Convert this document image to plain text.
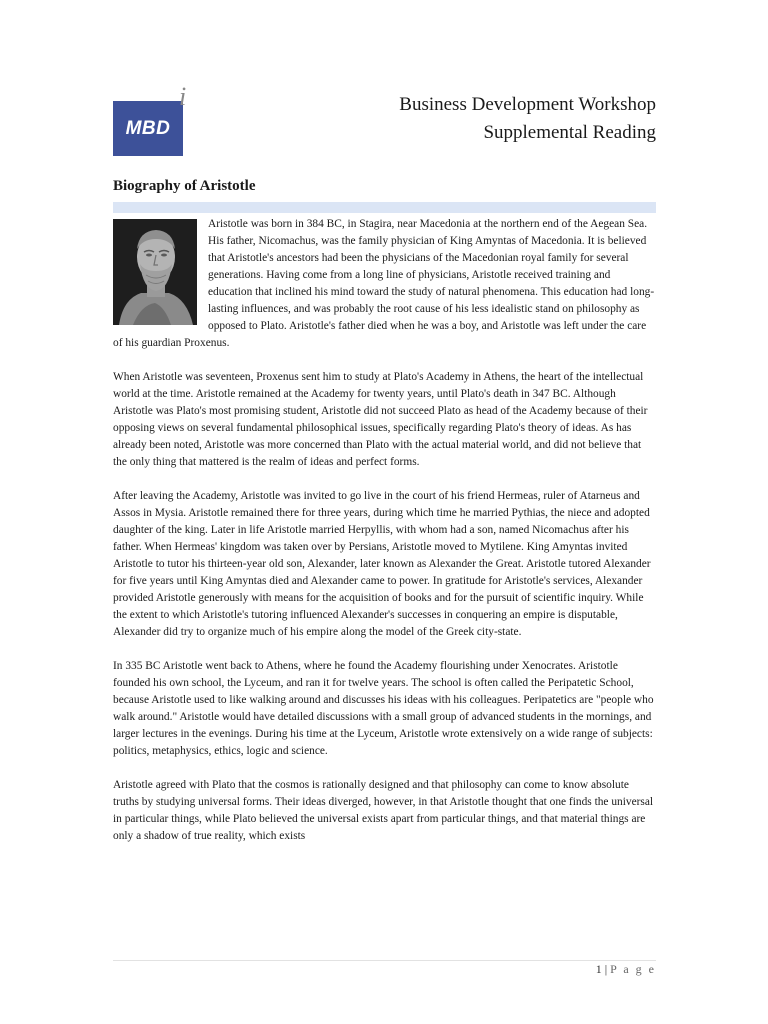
MBD
i	Business Development Workshop
Supplemental Reading
Biography of Aristotle

Aristotle was born in 384 BC, in Stagira, near Macedonia at the northern end of the Aegean Sea. His father, Nicomachus, was the family physician of King Amyntas of Macedonia. It is believed that Aristotle's ancestors had been the physicians of the Macedonian royal family for several generations. Having come from a long line of physicians, Aristotle received training and education that inclined his mind toward the study of natural phenomena. This education had long-lasting influences, and was probably the root cause of his less idealistic stand on philosophy as opposed to Plato. Aristotle's father died when he was a boy, and Aristotle was left under the care of his guardian Proxenus.

When Aristotle was seventeen, Proxenus sent him to study at Plato's Academy in Athens, the heart of the intellectual world at the time. Aristotle remained at the Academy for twenty years, until Plato's death in 347 BC. Although Aristotle was Plato's most promising student, Aristotle did not succeed Plato as head of the Academy because of their opposing views on several fundamental philosophical issues, specifically regarding Plato's theory of ideas. As has already been noted, Aristotle was more concerned than Plato with the actual material world, and did not believe that the only thing that mattered is the realm of ideas and perfect forms.

After leaving the Academy, Aristotle was invited to go live in the court of his friend Hermeas, ruler of Atarneus and Assos in Mysia. Aristotle remained there for three years, during which time he married Pythias, the niece and adopted daughter of the king. Later in life Aristotle married Herpyllis, with whom had a son, named Nicomachus after his father. When Hermeas' kingdom was taken over by Persians, Aristotle moved to Mytilene. King Amyntas invited Aristotle to tutor his thirteen-year old son, Alexander, later known as Alexander the Great. Aristotle tutored Alexander for five years until King Amyntas died and Alexander came to power. In gratitude for Aristotle's services, Alexander provided Aristotle generously with means for the acquisition of books and for the pursuit of scientific inquiry. While the extent to which Aristotle's tutoring influenced Alexander's successes in conquering an empire is disputable, Alexander did try to organize much of his empire along the model of the Greek city-state.

In 335 BC Aristotle went back to Athens, where he found the Academy flourishing under Xenocrates. Aristotle founded his own school, the Lyceum, and ran it for twelve years. The school is often called the Peripatetic School, because Aristotle used to like walking around and discusses his ideas with his colleagues. Peripatetics are "people who walk around." Aristotle would have detailed discussions with a small group of advanced students in the mornings, and larger lectures in the evenings. During his time at the Lyceum, Aristotle wrote extensively on a wide range of subjects: politics, metaphysics, ethics, logic and science.

Aristotle agreed with Plato that the cosmos is rationally designed and that philosophy can come to know absolute truths by studying universal forms. Their ideas diverged, however, in that Aristotle thought that one finds the universal in particular things, while Plato believed the universal exists apart from particular things, and that material things are only a shadow of true reality, which exists

1 | P a g e
